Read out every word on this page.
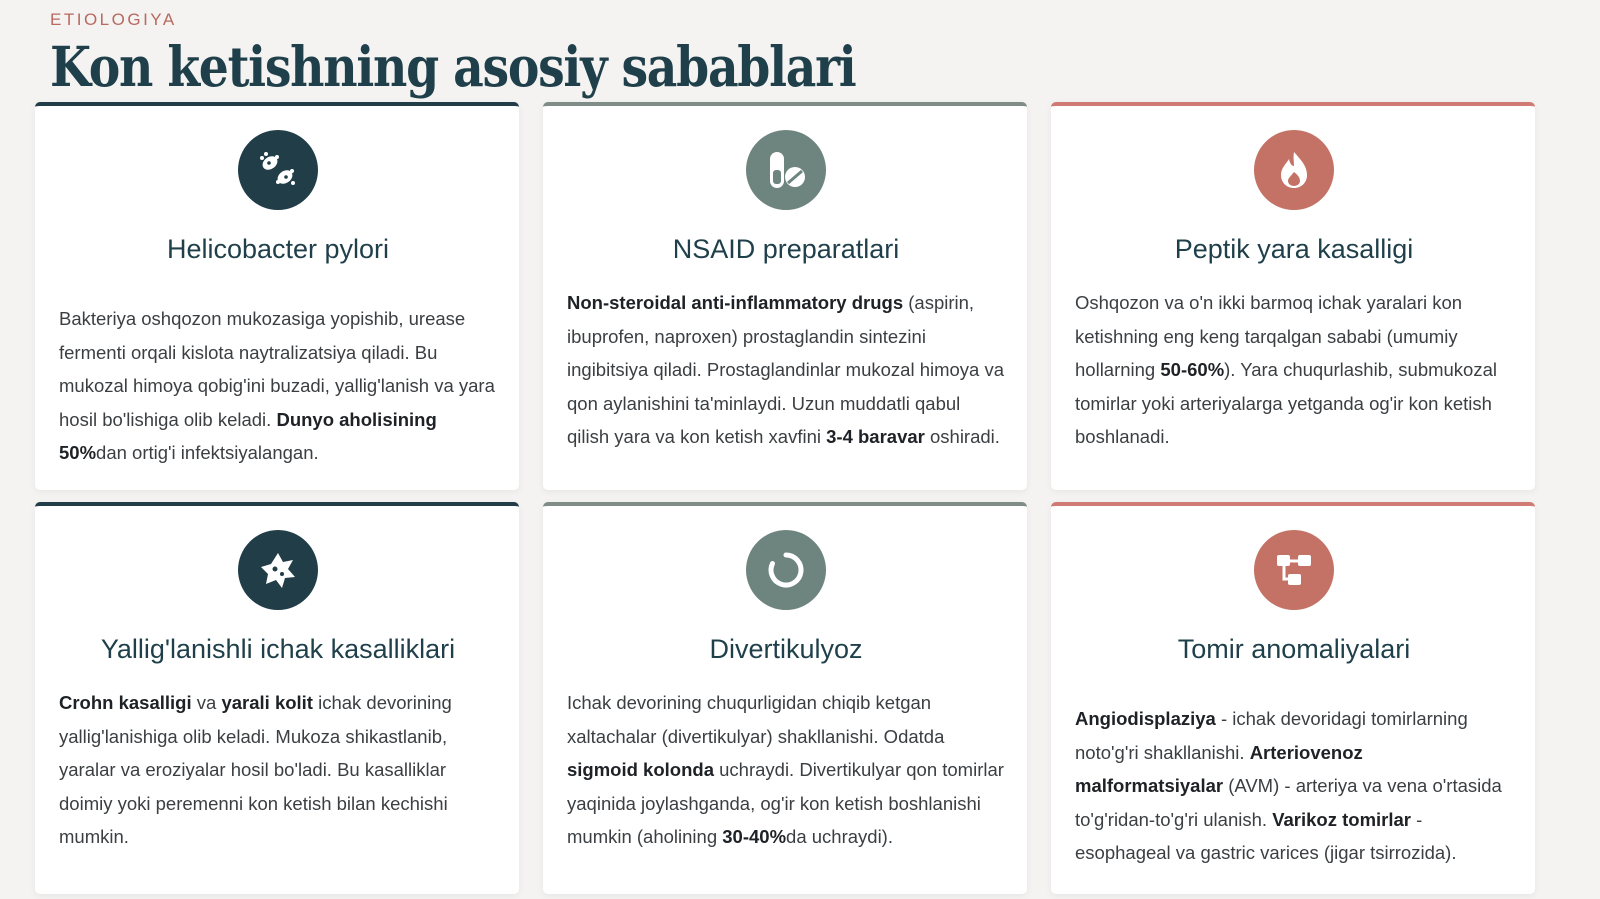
ETIOLOGIYA
Kon ketishning asosiy sabablari
Helicobacter pylori
Bakteriya oshqozon mukozasiga yopishib, urease fermenti orqali kislota naytralizatsiya qiladi. Bu mukozal himoya qobig'ini buzadi, yallig'lanish va yara hosil bo'lishiga olib keladi. Dunyo aholisining 50%dan ortig'i infektsiyalangan.
NSAID preparatlari
Non-steroidal anti-inflammatory drugs (aspirin, ibuprofen, naproxen) prostaglandin sintezini ingibitsiya qiladi. Prostaglandinlar mukozal himoya va qon aylanishini ta'minlaydi. Uzun muddatli qabul qilish yara va kon ketish xavfini 3-4 baravar oshiradi.
Peptik yara kasalligi
Oshqozon va o'n ikki barmoq ichak yaralari kon ketishning eng keng tarqalgan sababi (umumiy hollarning 50-60%). Yara chuqurlashib, submukozal tomirlar yoki arteriyalarga yetganda og'ir kon ketish boshlanadi.
Yallig'lanishli ichak kasalliklari
Crohn kasalligi va yarali kolit ichak devorining yallig'lanishiga olib keladi. Mukoza shikastlanib, yaralar va eroziyalar hosil bo'ladi. Bu kasalliklar doimiy yoki peremenni kon ketish bilan kechishi mumkin.
Divertikulyoz
Ichak devorining chuqurligidan chiqib ketgan xaltachalar (divertikulyar) shakllanishi. Odatda sigmoid kolonda uchraydi. Divertikulyar qon tomirlar yaqinida joylashganda, og'ir kon ketish boshlanishi mumkin (aholining 30-40%da uchraydi).
Tomir anomaliyalari
Angiodisplaziya - ichak devoridagi tomirlarning noto'g'ri shakllanishi. Arteriovenoz malformatsiyalar (AVM) - arteriya va vena o'rtasida to'g'ridan-to'g'ri ulanish. Varikoz tomirlar - esophageal va gastric varices (jigar tsirrozida).
